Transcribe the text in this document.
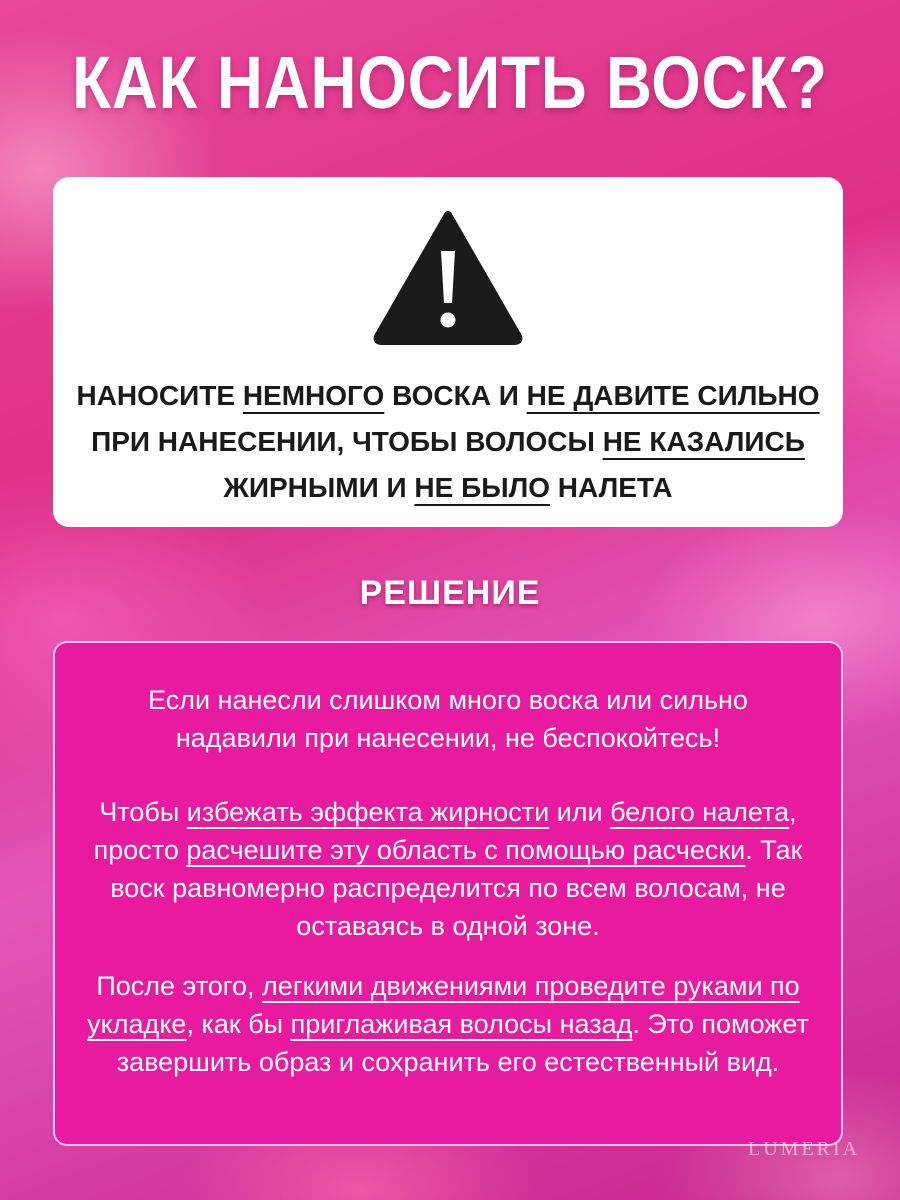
КАК НАНОСИТЬ ВОСК?
НАНОСИТЕ НЕМНОГО ВОСКА И НЕ ДАВИТЕ СИЛЬНО ПРИ НАНЕСЕНИИ, ЧТОБЫ ВОЛОСЫ НЕ КАЗАЛИСЬ ЖИРНЫМИ И НЕ БЫЛО НАЛЕТА
РЕШЕНИЕ

Если нанесли слишком много воска или сильно надавили при нанесении, не беспокойтесь!

Чтобы избежать эффекта жирности или белого налета, просто расчешите эту область с помощью расчески. Так воск равномерно распределится по всем волосам, не оставаясь в одной зоне.

После этого, легкими движениями проведите руками по укладке, как бы приглаживая волосы назад. Это поможет завершить образ и сохранить его естественный вид.

LUMERIA
